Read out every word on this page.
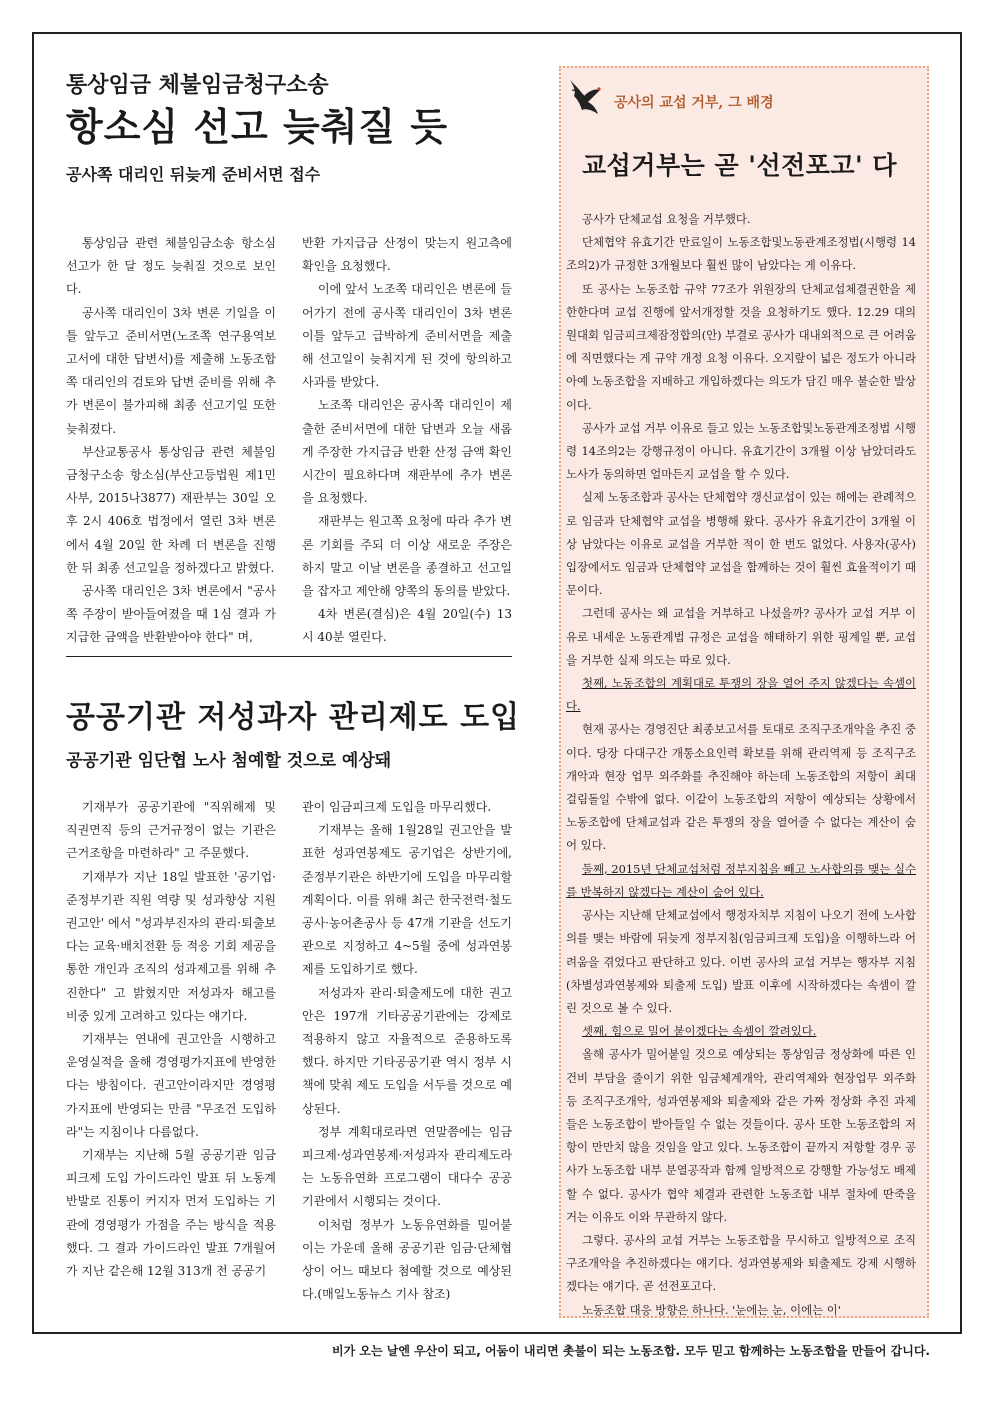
통상임금 체불임금청구소송
항소심 선고 늦춰질 듯
공사쪽 대리인 뒤늦게 준비서면 접수

통상임금 관련 체불임금소송 항소심 선고가 한 달 정도 늦춰질 것으로 보인다.

공사쪽 대리인이 3차 변론 기일을 이틀 앞두고 준비서면(노조쪽 연구용역보고서에 대한 답변서)를 제출해 노동조합쪽 대리인의 검토와 답변 준비를 위해 추가 변론이 불가피해 최종 선고기일 또한 늦춰졌다.

부산교통공사 통상임금 관련 체불임금청구소송 항소심(부산고등법원 제1민사부, 2015나3877) 재판부는 30일 오후 2시 406호 법정에서 열린 3차 변론에서 4월 20일 한 차례 더 변론을 진행한 뒤 최종 선고일을 정하겠다고 밝혔다.

공사쪽 대리인은 3차 변론에서 "공사쪽 주장이 받아들여졌을 때 1심 결과 가지급한 금액을 반환받아야 한다" 며,

반환 가지급금 산정이 맞는지 원고측에 확인을 요청했다.

이에 앞서 노조쪽 대리인은 변론에 들어가기 전에 공사쪽 대리인이 3차 변론 이틀 앞두고 급박하게 준비서면을 제출해 선고일이 늦춰지게 된 것에 항의하고 사과를 받았다.

노조쪽 대리인은 공사쪽 대리인이 제출한 준비서면에 대한 답변과 오늘 새롭게 주장한 가지급금 반환 산정 금액 확인 시간이 필요하다며 재판부에 추가 변론을 요청했다.

재판부는 원고쪽 요청에 따라 추가 변론 기회를 주되 더 이상 새로운 주장은 하지 말고 이날 변론을 종결하고 선고일을 잡자고 제안해 양쪽의 동의를 받았다.

4차 변론(결심)은 4월 20일(수) 13시 40분 열린다.

공공기관 저성과자 관리제도 도입
공공기관 임단협 노사 첨예할 것으로 예상돼

기재부가 공공기관에 "직위해제 및 직권면직 등의 근거규정이 없는 기관은 근거조항을 마련하라" 고 주문했다.

기재부가 지난 18일 발표한 '공기업·준정부기관 직원 역량 및 성과향상 지원 권고안' 에서 "성과부진자의 관리·퇴출보다는 교육·배치전환 등 적응 기회 제공을 통한 개인과 조직의 성과제고를 위해 추진한다" 고 밝혔지만 저성과자 해고를 비중 있게 고려하고 있다는 얘기다.

기재부는 연내에 권고안을 시행하고 운영실적을 올해 경영평가지표에 반영한다는 방침이다. 권고안이라지만 경영평가지표에 반영되는 만큼 "무조건 도입하라"는 지침이나 다름없다.

기재부는 지난해 5월 공공기관 임금피크제 도입 가이드라인 발표 뒤 노동계 반발로 진통이 커지자 먼저 도입하는 기관에 경영평가 가점을 주는 방식을 적용했다. 그 결과 가이드라인 발표 7개월여가 지난 같은해 12월 313개 전 공공기

관이 임금피크제 도입을 마무리했다.

기재부는 올해 1월28일 권고안을 발표한 성과연봉제도 공기업은 상반기에, 준정부기관은 하반기에 도입을 마무리할 계획이다. 이를 위해 최근 한국전력·철도공사·농어촌공사 등 47개 기관을 선도기관으로 지정하고 4~5월 중에 성과연봉제를 도입하기로 했다.

저성과자 관리·퇴출제도에 대한 권고안은 197개 기타공공기관에는 강제로 적용하지 않고 자율적으로 준용하도록 했다. 하지만 기타공공기관 역시 정부 시책에 맞춰 제도 도입을 서두를 것으로 예상된다.

정부 계획대로라면 연말쯤에는 임금피크제·성과연봉제·저성과자 관리제도라는 노동유연화 프로그램이 대다수 공공기관에서 시행되는 것이다.

이처럼 정부가 노동유연화를 밀어붙이는 가운데 올해 공공기관 임금·단체협상이 어느 때보다 첨예할 것으로 예상된다.(매일노동뉴스 기사 참조)

공사의 교섭 거부, 그 배경

교섭거부는 곧 '선전포고' 다

공사가 단체교섭 요청을 거부했다.

단체협약 유효기간 만료일이 노동조합및노동관계조정법(시행령 14조의2)가 규정한 3개월보다 훨씬 많이 남았다는 게 이유다.

또 공사는 노동조합 규약 77조가 위원장의 단체교섭체결권한을 제한한다며 교섭 진행에 앞서개정할 것을 요청하기도 했다. 12.29 대의원대회 임금피크제잠정합의(안) 부결로 공사가 대내외적으로 큰 어려움에 직면했다는 게 규약 개정 요청 이유다. 오지랖이 넓은 정도가 아니라 아예 노동조합을 지배하고 개입하겠다는 의도가 담긴 매우 불순한 발상이다.

공사가 교섭 거부 이유로 들고 있는 노동조합및노동관계조정법 시행령 14조의2는 강행규정이 아니다. 유효기간이 3개월 이상 남았더라도 노사가 동의하면 얼마든지 교섭을 할 수 있다.

실제 노동조합과 공사는 단체협약 갱신교섭이 있는 해에는 관례적으로 임금과 단체협약 교섭을 병행해 왔다. 공사가 유효기간이 3개월 이상 남았다는 이유로 교섭을 거부한 적이 한 번도 없었다. 사용자(공사) 입장에서도 임금과 단체협약 교섭을 함께하는 것이 훨씬 효율적이기 때문이다.

그런데 공사는 왜 교섭을 거부하고 나섰을까? 공사가 교섭 거부 이유로 내세운 노동관계법 규정은 교섭을 해태하기 위한 핑계일 뿐, 교섭을 거부한 실제 의도는 따로 있다.

첫째, 노동조합의 계획대로 투쟁의 장을 열어 주지 않겠다는 속셈이다.

현재 공사는 경영진단 최종보고서를 토대로 조직구조개악을 추진 중이다. 당장 다대구간 개통소요인력 확보를 위해 관리역제 등 조직구조개악과 현장 업무 외주화를 추진해야 하는데 노동조합의 저항이 최대 걸림돌일 수밖에 없다. 이같이 노동조합의 저항이 예상되는 상황에서 노동조합에 단체교섭과 같은 투쟁의 장을 열어줄 수 없다는 계산이 숨어 있다.

둘째, 2015년 단체교섭처럼 정부지침을 빼고 노사합의를 맺는 실수를 반복하지 않겠다는 계산이 숨어 있다.

공사는 지난해 단체교섭에서 행정자치부 지침이 나오기 전에 노사합의를 맺는 바람에 뒤늦게 정부지침(임금피크제 도입)을 이행하느라 어려움을 겪었다고 판단하고 있다. 이번 공사의 교섭 거부는 행자부 지침(차별성과연봉제와 퇴출제 도입) 발표 이후에 시작하겠다는 속셈이 깔린 것으로 볼 수 있다.

셋째, 힘으로 밀어 붙이겠다는 속셈이 깔려있다.

올해 공사가 밀어붙일 것으로 예상되는 통상임금 정상화에 따른 인건비 부담을 줄이기 위한 임금체계개악, 관리역제와 현장업무 외주화 등 조직구조개악, 성과연봉제와 퇴출제와 같은 가짜 정상화 추진 과제들은 노동조합이 받아들일 수 없는 것들이다. 공사 또한 노동조합의 저항이 만만치 않을 것임을 알고 있다. 노동조합이 끝까지 저항할 경우 공사가 노동조합 내부 분열공작과 함께 일방적으로 강행할 가능성도 배제할 수 없다. 공사가 협약 체결과 관련한 노동조합 내부 절차에 딴죽을 거는 이유도 이와 무관하지 않다.

그렇다. 공사의 교섭 거부는 노동조합을 무시하고 일방적으로 조직구조개악을 추진하겠다는 얘기다. 성과연봉제와 퇴출제도 강제 시행하겠다는 얘기다. 곧 선전포고다.

노동조합 대응 방향은 하나다. '눈에는 눈, 이에는 이'

비가 오는 날엔 우산이 되고, 어둠이 내리면 촛불이 되는 노동조합. 모두 믿고 함께하는 노동조합을 만들어 갑니다.
